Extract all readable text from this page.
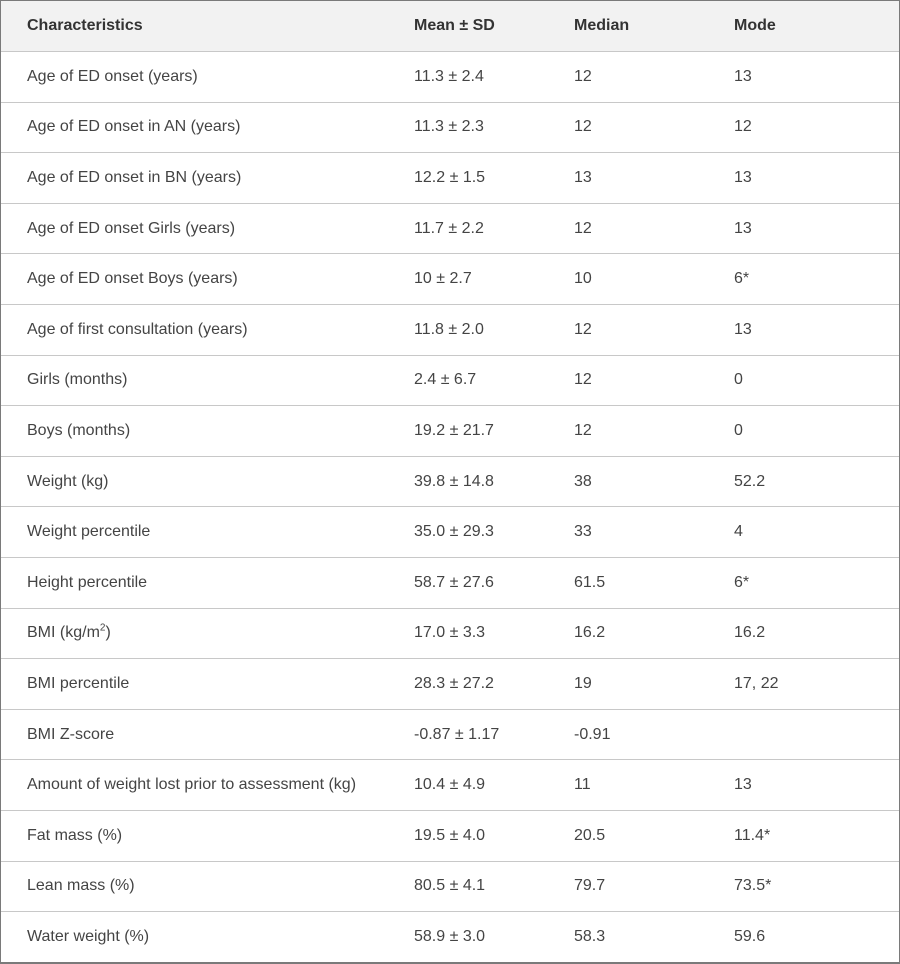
Characteristics	Mean ± SD	Median	Mode
Age of ED onset (years)	11.3 ± 2.4	12	13
Age of ED onset in AN (years)	11.3 ± 2.3	12	12
Age of ED onset in BN (years)	12.2 ± 1.5	13	13
Age of ED onset Girls (years)	11.7 ± 2.2	12	13
Age of ED onset Boys (years)	10 ± 2.7	10	6*
Age of first consultation (years)	11.8 ± 2.0	12	13
Girls (months)	2.4 ± 6.7	12	0
Boys (months)	19.2 ± 21.7	12	0
Weight (kg)	39.8 ± 14.8	38	52.2
Weight percentile	35.0 ± 29.3	33	4
Height percentile	58.7 ± 27.6	61.5	6*
BMI $(kg/m^2)$	17.0 ± 3.3	16.2	16.2
BMI percentile	28.3 ± 27.2	19	17, 22
BMI Z-score	-0.87 ± 1.17	-0.91
Amount of weight lost prior to assessment (kg)	10.4 ± 4.9	11	13
Fat mass (%)	19.5 ± 4.0	20.5	11.4*
Lean mass (%)	80.5 ± 4.1	79.7	73.5*
Water weight (%)	58.9 ± 3.0	58.3	59.6
